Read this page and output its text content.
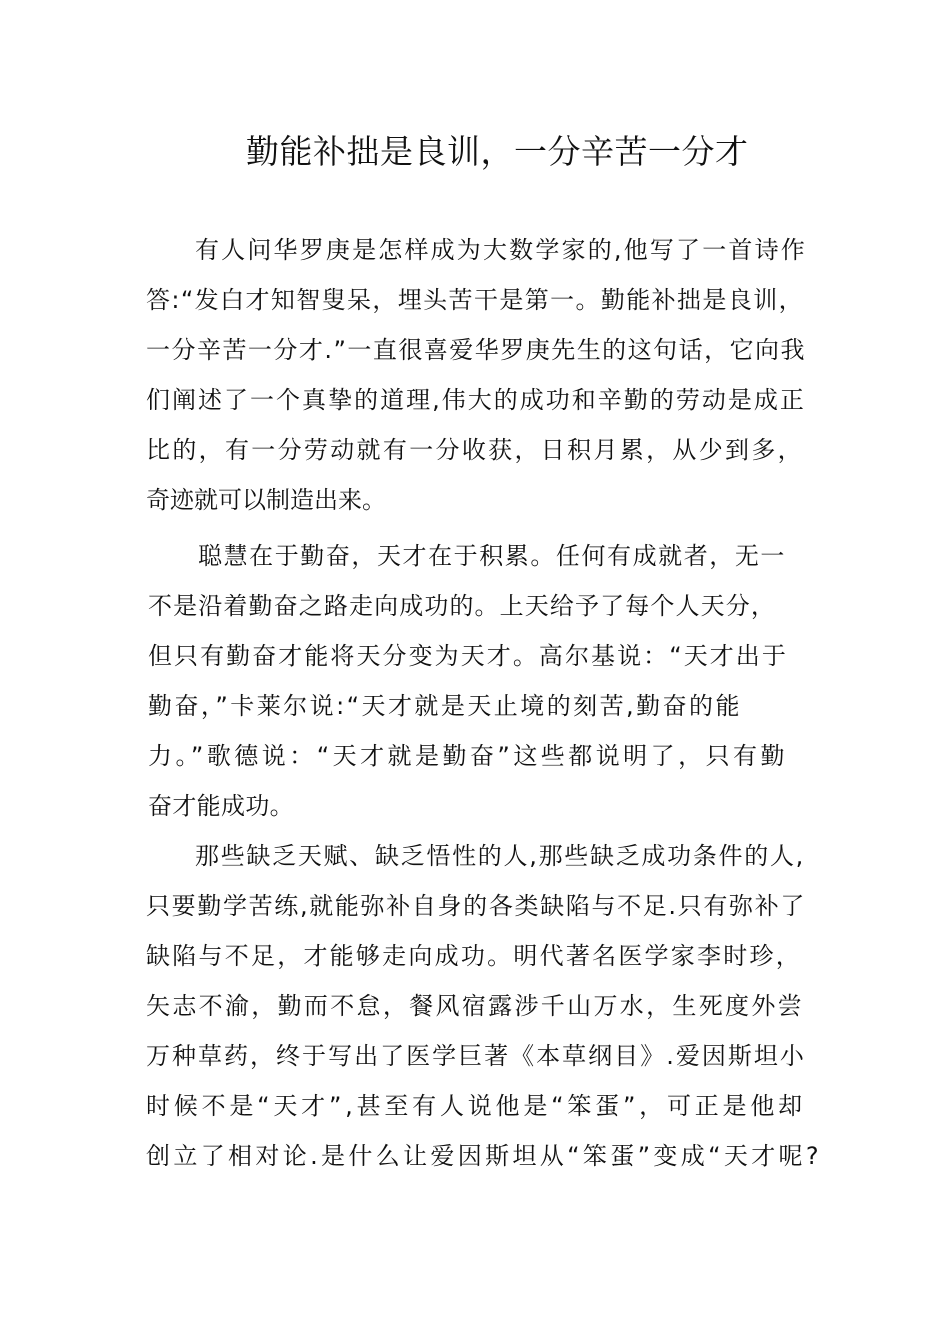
勤能补拙是良训，一分辛苦一分才
有人问华罗庚是怎样成为大数学家的,他写了一首诗作
答:“发白才知智叟呆，埋头苦干是第一。勤能补拙是良训，
一分辛苦一分才.”一直很喜爱华罗庚先生的这句话，它向我
们阐述了一个真挚的道理,伟大的成功和辛勤的劳动是成正
比的，有一分劳动就有一分收获，日积月累，从少到多，
奇迹就可以制造出来。
聪慧在于勤奋，天才在于积累。任何有成就者，无一
不是沿着勤奋之路走向成功的。上天给予了每个人天分，
但只有勤奋才能将天分变为天才。高尔基说：“天才出于
勤奋，”卡莱尔说:“天才就是天止境的刻苦,勤奋的能
力。”歌德说：“天才就是勤奋”这些都说明了，只有勤
奋才能成功。
那些缺乏天赋、缺乏悟性的人,那些缺乏成功条件的人,
只要勤学苦练,就能弥补自身的各类缺陷与不足.只有弥补了
缺陷与不足，才能够走向成功。明代著名医学家李时珍，
矢志不渝，勤而不怠，餐风宿露涉千山万水，生死度外尝
万种草药，终于写出了医学巨著《本草纲目》.爱因斯坦小
时候不是“天才”,甚至有人说他是“笨蛋”，可正是他却
创立了相对论.是什么让爱因斯坦从“笨蛋”变成“天才呢?
